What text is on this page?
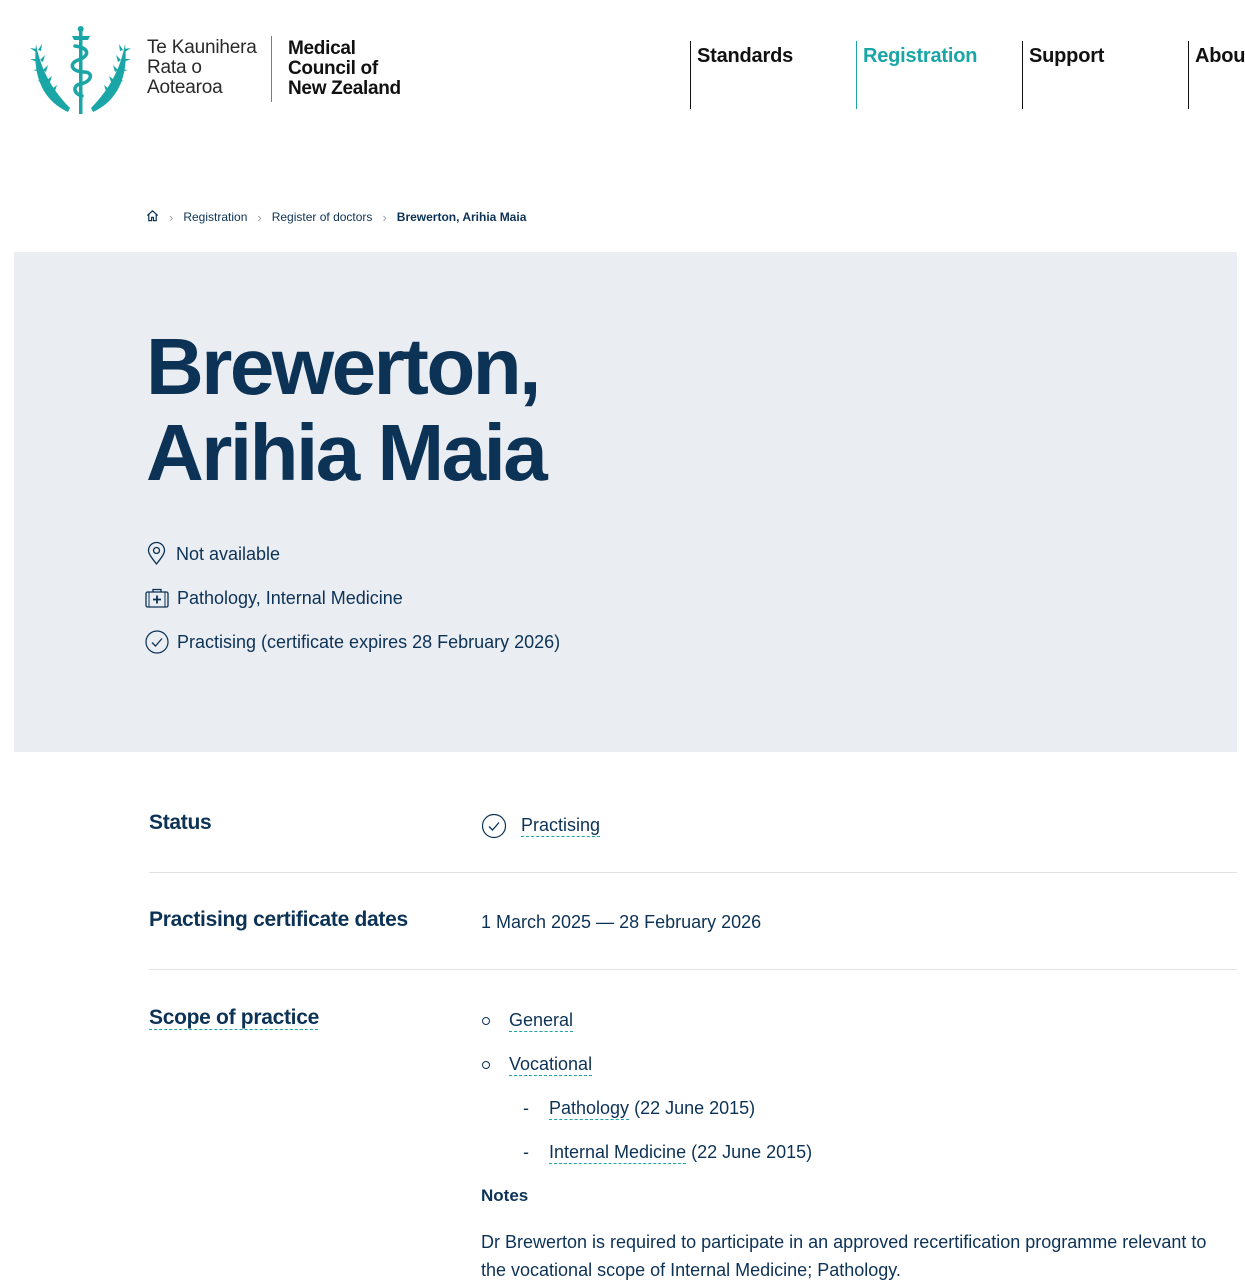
Te Kaunihera
Rata o
Aotearoa
Medical
Council of
New Zealand
Standards	Registration	Support	Abou
› Registration › Register of doctors › Brewerton, Arihia Maia
Brewerton,
Arihia Maia
Not available
Pathology, Internal Medicine
Practising (certificate expires 28 February 2026)
Status	Practising
Practising certificate dates	1 March 2025 — 28 February 2026
Scope of practice	General
Vocational
- Pathology (22 June 2015)
- Internal Medicine (22 June 2015)
Notes
Dr Brewerton is required to participate in an approved recertification programme relevant to the vocational scope of Internal Medicine; Pathology.
